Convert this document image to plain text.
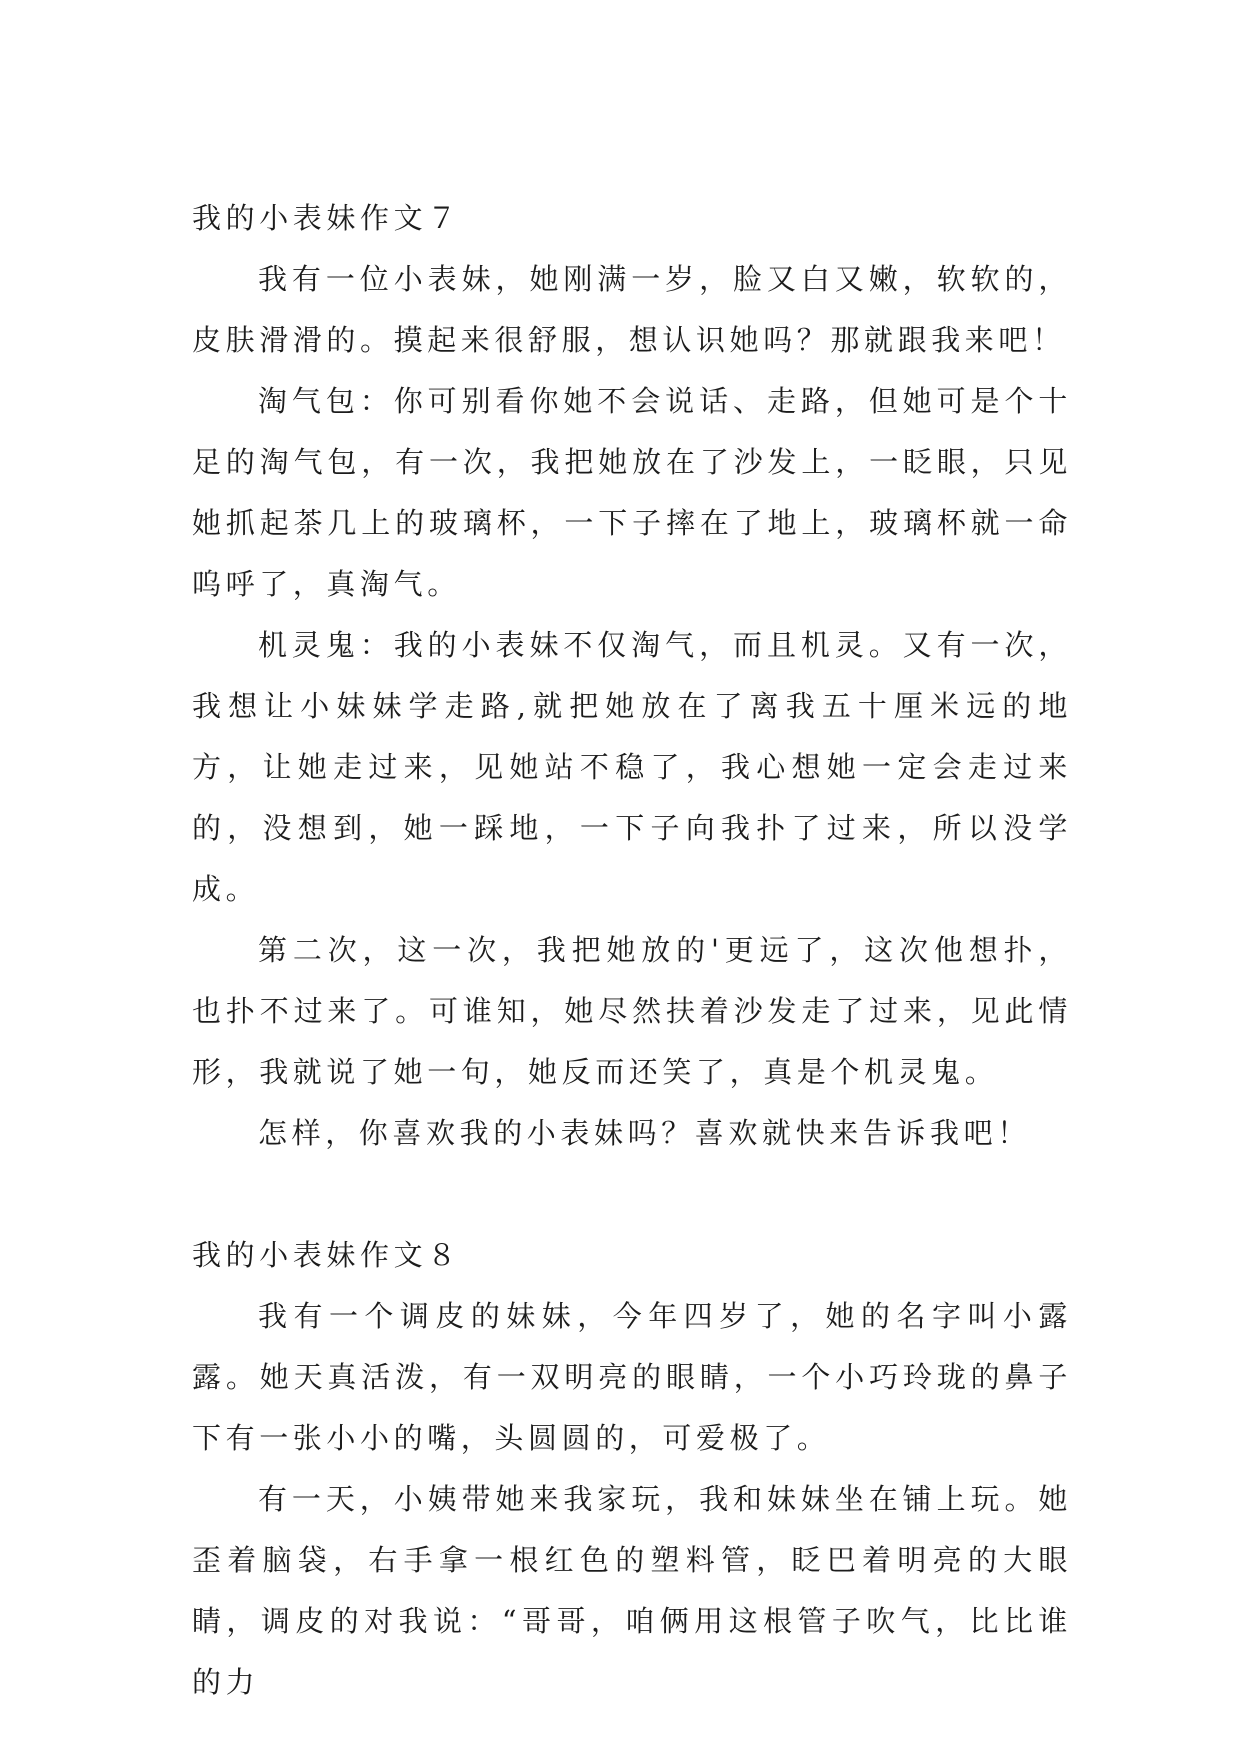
我的小表妹作文７

我有一位小表妹，她刚满一岁，脸又白又嫩，软软的，皮肤滑滑的。摸起来很舒服，想认识她吗？那就跟我来吧！

淘气包：你可别看你她不会说话、走路，但她可是个十足的淘气包，有一次，我把她放在了沙发上，一眨眼，只见她抓起茶几上的玻璃杯，一下子摔在了地上，玻璃杯就一命呜呼了，真淘气。

机灵鬼：我的小表妹不仅淘气，而且机灵。又有一次，我想让小妹妹学走路,就把她放在了离我五十厘米远的地方，让她走过来，见她站不稳了，我心想她一定会走过来的，没想到，她一踩地，一下子向我扑了过来，所以没学成。

第二次，这一次，我把她放的'更远了，这次他想扑，也扑不过来了。可谁知，她尽然扶着沙发走了过来，见此情形，我就说了她一句，她反而还笑了，真是个机灵鬼。

怎样，你喜欢我的小表妹吗？喜欢就快来告诉我吧！

我的小表妹作文８

我有一个调皮的妹妹，今年四岁了，她的名字叫小露露。她天真活泼，有一双明亮的眼睛，一个小巧玲珑的鼻子下有一张小小的嘴，头圆圆的，可爱极了。

有一天，小姨带她来我家玩，我和妹妹坐在铺上玩。她歪着脑袋，右手拿一根红色的塑料管，眨巴着明亮的大眼睛，调皮的对我说：“哥哥，咱俩用这根管子吹气，比比谁的力
